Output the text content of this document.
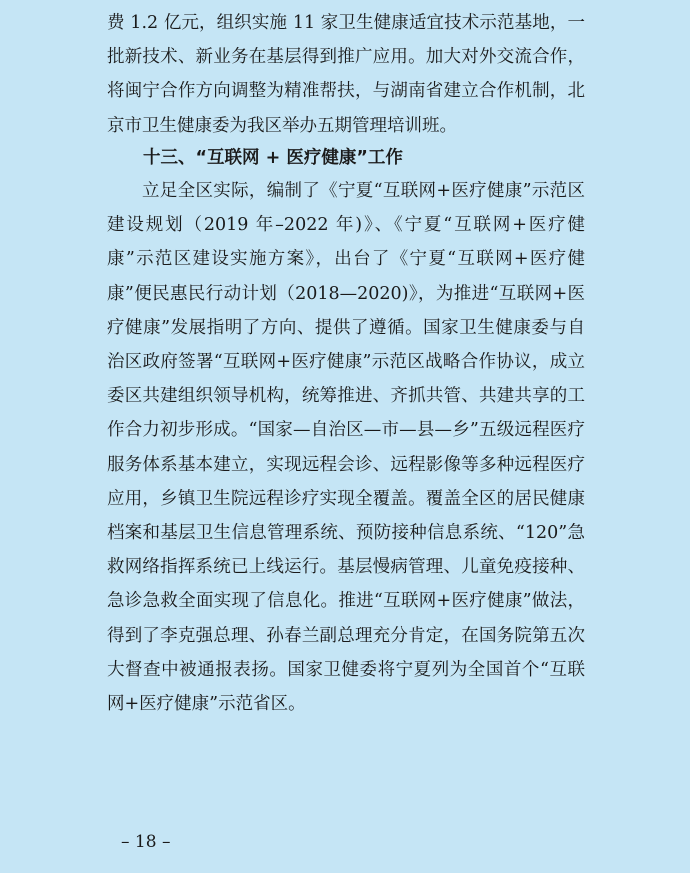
费 1.2 亿元，组织实施 11 家卫生健康适宜技术示范基地，一批新技术、新业务在基层得到推广应用。加大对外交流合作，将闽宁合作方向调整为精准帮扶，与湖南省建立合作机制，北京市卫生健康委为我区举办五期管理培训班。

十三、“互联网 + 医疗健康”工作

立足全区实际，编制了《宁夏“互联网+医疗健康”示范区建设规划（2019 年–2022 年)》、《宁夏“互联网+医疗健康”示范区建设实施方案》，出台了《宁夏“互联网+医疗健康”便民惠民行动计划（2018—2020)》，为推进“互联网+医疗健康”发展指明了方向、提供了遵循。国家卫生健康委与自治区政府签署“互联网+医疗健康”示范区战略合作协议，成立委区共建组织领导机构，统筹推进、齐抓共管、共建共享的工作合力初步形成。“国家—自治区—市—县—乡”五级远程医疗服务体系基本建立，实现远程会诊、远程影像等多种远程医疗应用，乡镇卫生院远程诊疗实现全覆盖。覆盖全区的居民健康档案和基层卫生信息管理系统、预防接种信息系统、“120”急救网络指挥系统已上线运行。基层慢病管理、儿童免疫接种、急诊急救全面实现了信息化。推进“互联网+医疗健康”做法，得到了李克强总理、孙春兰副总理充分肯定，在国务院第五次大督查中被通报表扬。国家卫健委将宁夏列为全国首个“互联网+医疗健康”示范省区。

– 18 –
